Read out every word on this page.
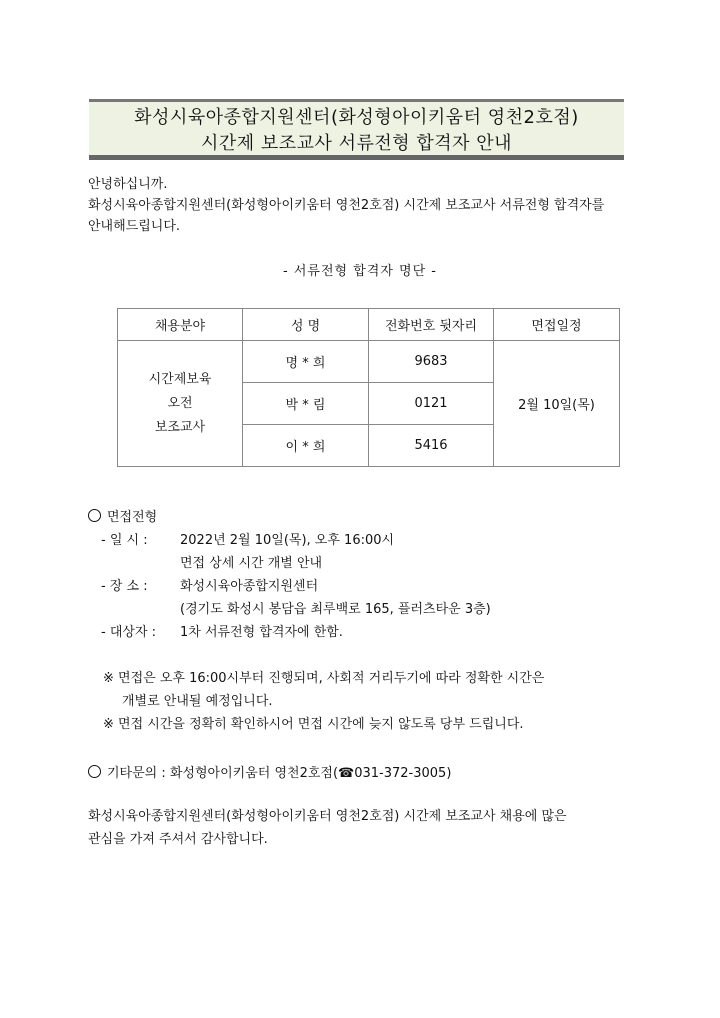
화성시육아종합지원센터(화성형아이키움터 영천2호점)
시간제 보조교사 서류전형 합격자 안내
안녕하십니까.
화성시육아종합지원센터(화성형아이키움터 영천2호점) 시간제 보조교사 서류전형 합격자를
안내해드립니다.
- 서류전형 합격자 명단 -
채용분야	성 명	전화번호 뒷자리	면접일정

시간제보육
오전
보조교사	명 * 희	9683	2월 10일(목)
	박 * 림	0121	
	이 * 희	5416	
면접전형
- 일 시 : 2022년 2월 10일(목), 오후 16:00시
면접 상세 시간 개별 안내
- 장 소 : 화성시육아종합지원센터
(경기도 화성시 봉담읍 최루백로 165, 플러츠타운 3층)
- 대상자 : 1차 서류전형 합격자에 한함.
※ 면접은 오후 16:00시부터 진행되며, 사회적 거리두기에 따라 정확한 시간은
개별로 안내될 예정입니다.
※ 면접 시간을 정확히 확인하시어 면접 시간에 늦지 않도록 당부 드립니다.
기타문의 : 화성형아이키움터 영천2호점(☎031-372-3005)
화성시육아종합지원센터(화성형아이키움터 영천2호점) 시간제 보조교사 채용에 많은
관심을 가져 주셔서 감사합니다.
